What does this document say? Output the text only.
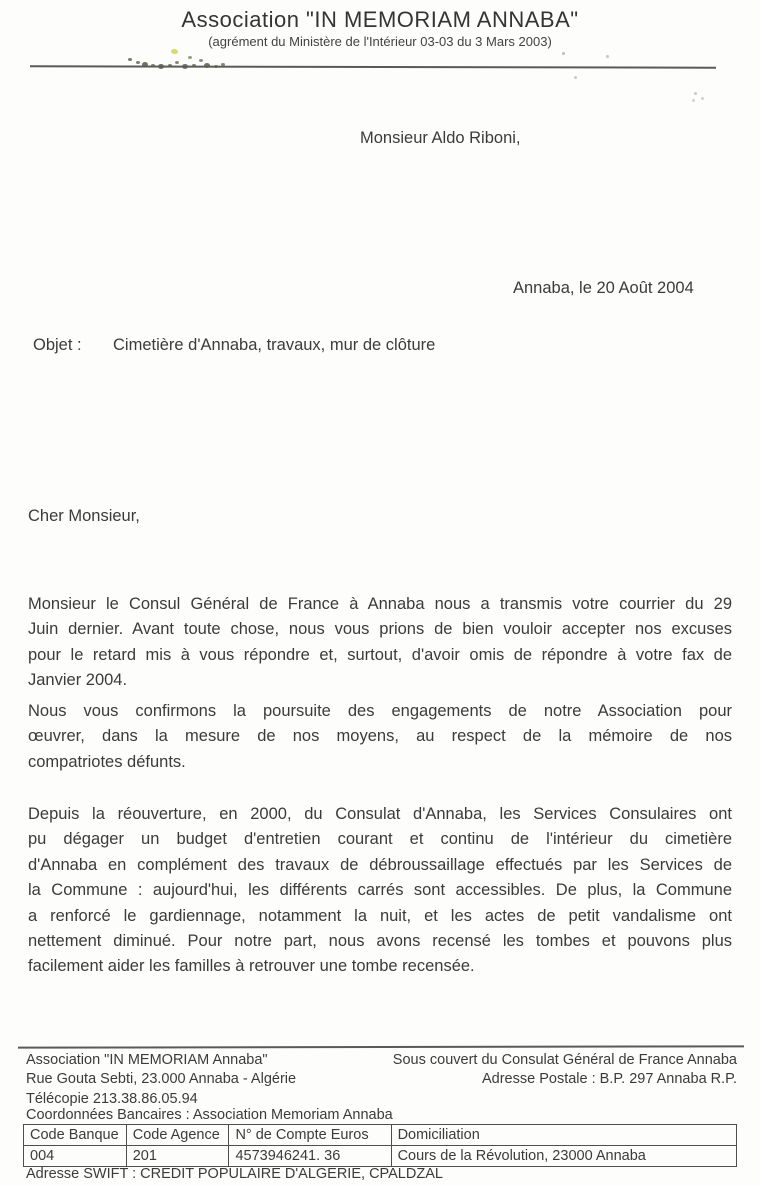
Association "IN MEMORIAM ANNABA"
(agrément du Ministère de l'Intérieur 03-03 du 3 Mars 2003)
Monsieur Aldo Riboni,
Annaba, le 20 Août 2004
Objet : Cimetière d'Annaba, travaux, mur de clôture
Cher Monsieur,
Monsieur le Consul Général de France à Annaba nous a transmis votre courrier du 29
Juin dernier. Avant toute chose, nous vous prions de bien vouloir accepter nos excuses
pour le retard mis à vous répondre et, surtout, d'avoir omis de répondre à votre fax de
Janvier 2004.
Nous vous confirmons la poursuite des engagements de notre Association pour
œuvrer, dans la mesure de nos moyens, au respect de la mémoire de nos
compatriotes défunts.
Depuis la réouverture, en 2000, du Consulat d'Annaba, les Services Consulaires ont
pu dégager un budget d'entretien courant et continu de l'intérieur du cimetière
d'Annaba en complément des travaux de débroussaillage effectués par les Services de
la Commune : aujourd'hui, les différents carrés sont accessibles. De plus, la Commune
a renforcé le gardiennage, notamment la nuit, et les actes de petit vandalisme ont
nettement diminué. Pour notre part, nous avons recensé les tombes et pouvons plus
facilement aider les familles à retrouver une tombe recensée.
Association "IN MEMORIAM Annaba"
Rue Gouta Sebti, 23.000 Annaba - Algérie
Télécopie 213.38.86.05.94
Sous couvert du Consulat Général de France Annaba
Adresse Postale : B.P. 297 Annaba R.P.
Coordonnées Bancaires : Association Memoriam Annaba
Code Banque	Code Agence	N° de Compte Euros	Domiciliation
004	201	4573946241. 36	Cours de la Révolution, 23000 Annaba
Adresse SWIFT : CREDIT POPULAIRE D'ALGERIE, CPALDZAL
